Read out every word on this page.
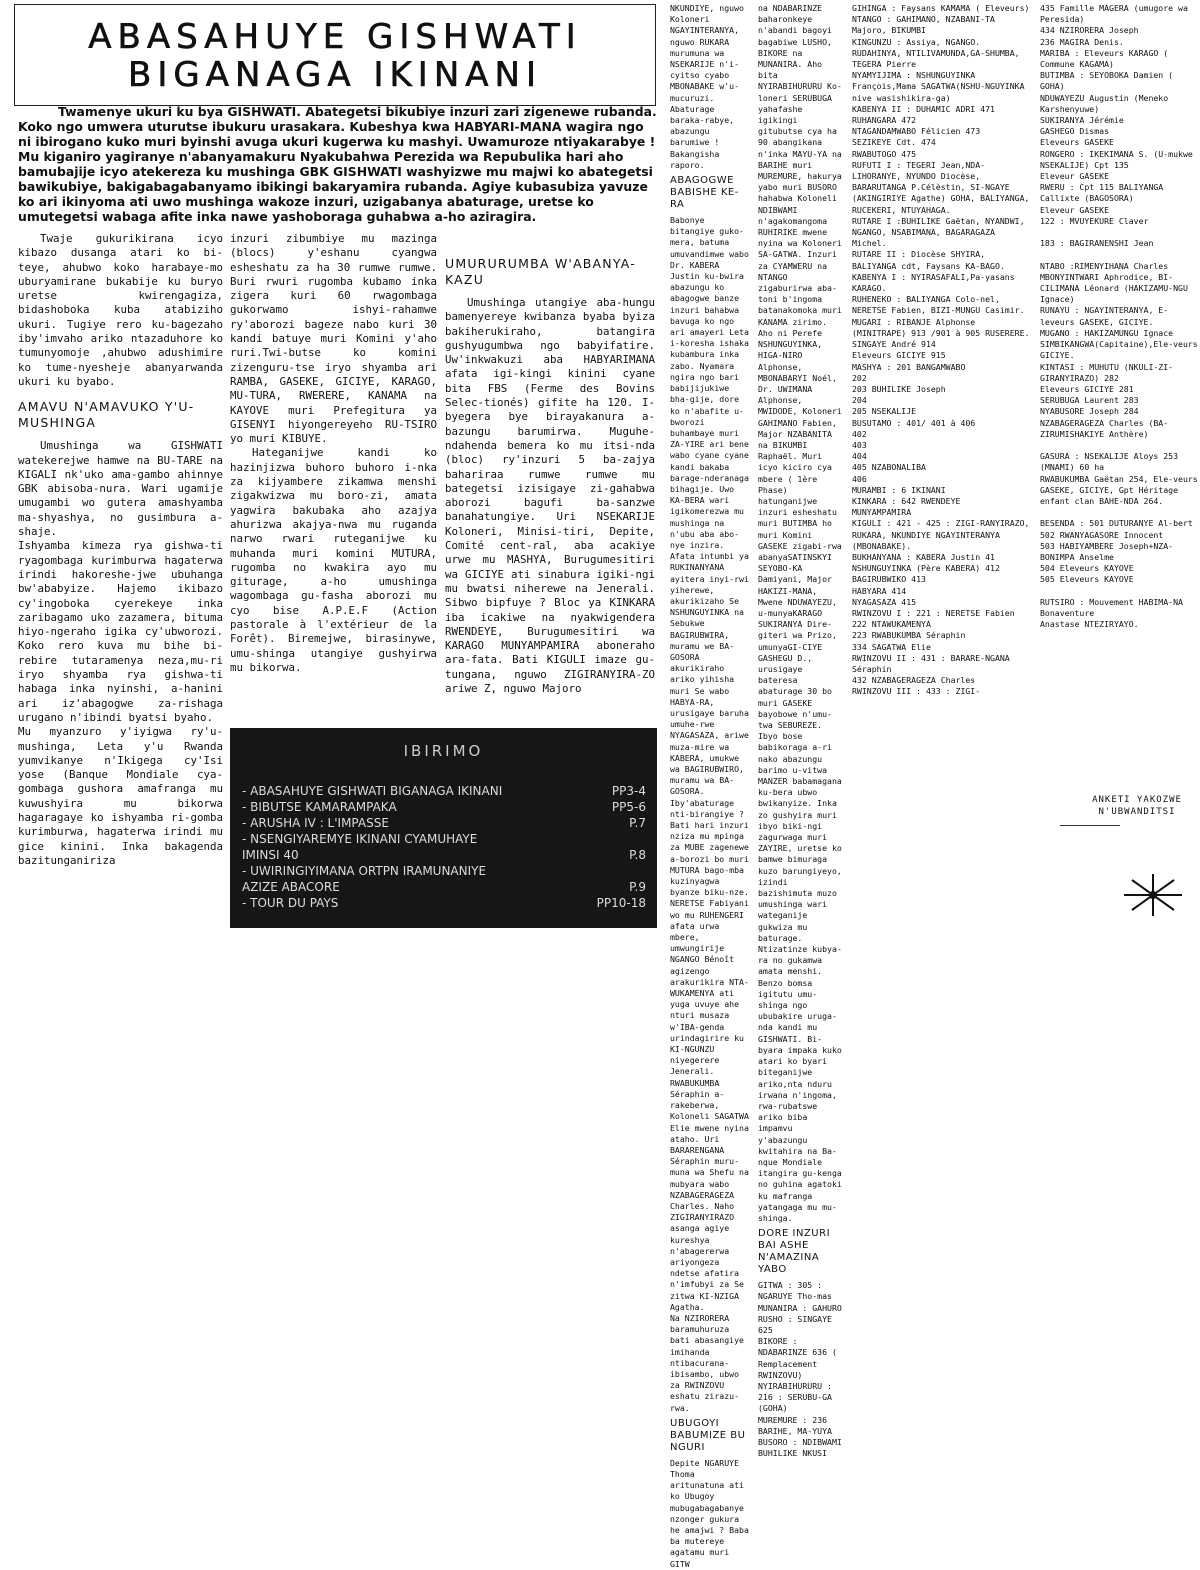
ABASAHUYE GISHWATI
BIGANAGA IKINANI

Twamenye ukuri ku bya GISHWATI. Abategetsi bikubiye inzuri zari zigenewe rubanda. Koko ngo umwera uturutse ibukuru urasakara. Kubeshya kwa HABYARI-MANA wagira ngo ni ibirogano kuko muri byinshi avuga ukuri kugerwa ku mashyi. Uwamuroze ntiyakarabye !

Mu kiganiro yagiranye n'abanyamakuru Nyakubahwa Perezida wa Repubulika hari aho bamubajije icyo atekereza ku mushinga GBK GISHWATI washyizwe mu majwi ko abategetsi bawikubiye, bakigabagabanyamo ibikingi bakaryamira rubanda. Agiye kubasubiza yavuze ko ari ikinyoma ati uwo mushinga wakoze inzuri, uzigabanya abaturage, uretse ko umutegetsi wabaga afite inka nawe yashoboraga guhabwa a-ho aziragira.

Twaje gukurikirana icyo kibazo dusanga atari ko bi-teye, ahubwo koko harabaye-mo uburyamirane bukabije ku buryo uretse kwirengagiza, bidashoboka kuba atabiziho ukuri. Tugiye rero ku-bagezaho iby'imvaho ariko ntazaduhore ko tumunyomoje ,ahubwo adushimire ko tume-nyesheje abanyarwanda ukuri ku byabo.

AMAVU N'AMAVUKO Y'U-MUSHINGA

Umushinga wa GISHWATI watekerejwe hamwe na BU-TARE na KIGALI nk'uko ama-gambo ahinnye GBK abisoba-nura. Wari ugamije umugambi wo gutera amashyamba ma-shyashya, no gusimbura a-shaje.

Ishyamba kimeza rya gishwa-ti ryagombaga kurimburwa hagaterwa irindi hakoreshe-jwe ubuhanga bw'ababyize. Hajemo ikibazo cy'ingoboka cyerekeye inka zaribagamo uko zazamera, bituma hiyo-ngeraho igika cy'ubworozi. Koko rero kuva mu bihe bi-rebire tutaramenya neza,mu-ri iryo shyamba rya gishwa-ti habaga inka nyinshi, a-hanini ari iz'abagogwe za-rishaga urugano n'ibindi byatsi byaho.

Mu myanzuro y'iyigwa ry'u-mushinga, Leta y'u Rwanda yumvikanye n'Ikigega cy'Isi yose (Banque Mondiale cya-gombaga gushora amafranga mu kuwushyira mu bikorwa hagaragaye ko ishyamba ri-gomba kurimburwa, hagaterwa irindi mu gice kinini. Inka bakagenda bazitunganiriza

inzuri zibumbiye mu mazinga (blocs) y'eshanu cyangwa esheshatu za ha 30 rumwe rumwe. Buri rwuri rugomba kubamo inka zigera kuri 60 rwagombaga gukorwamo ishyi-rahamwe ry'aborozi bageze nabo kuri 30 kandi batuye muri Komini y'aho ruri.Twi-butse ko komini zizenguru-tse iryo shyamba ari RAMBA, GASEKE, GICIYE, KARAGO, MU-TURA, RWERERE, KANAMA na KAYOVE muri Prefegitura ya GISENYI hiyongereyeho RU-TSIRO yo muri KIBUYE.

Hateganijwe kandi ko hazinjizwa buhoro buhoro i-nka za kijyambere zikamwa menshi zigakwizwa mu boro-zi, amata yagwira bakubaka aho azajya ahurizwa akajya-nwa mu ruganda narwo rwari ruteganijwe ku muhanda muri komini MUTURA, rugomba no kwakira ayo mu giturage, a-ho umushinga wagombaga gu-fasha aborozi mu cyo bise A.P.E.F (Action pastorale à l'extérieur de la Forêt). Biremejwe, birasinywe, umu-shinga utangiye gushyirwa mu bikorwa.

UMURURUMBA W'ABANYA-KAZU

Umushinga utangiye aba-hungu bamenyereye kwibanza byaba byiza bakiherukiraho, batangira gushyugumbwa ngo babyifatire. Uw'inkwakuzi aba HABYARIMANA afata igi-kingi kinini cyane bita FBS (Ferme des Bovins Selec-tionés) gifite ha 120. I-byegera bye birayakanura a-bazungu barumirwa. Muguhe-ndahenda bemera ko mu itsi-nda (bloc) ry'inzuri 5 ba-zajya bahariraa rumwe rumwe mu bategetsi izisigaye zi-gahabwa aborozi bagufi ba-sanzwe banahatungiye. Uri NSEKARIJE Koloneri, Minisi-tiri, Depite, Comité cent-ral, aba acakiye urwe mu MASHYA, Burugumesitiri wa GICIYE ati sinabura igiki-ngi mu bwatsi niherewe na Jenerali. Sibwo bipfuye ? Bloc ya KINKARA iba icakiwe na nyakwigendera RWENDEYE, Burugumesitiri wa KARAGO MUNYAMPAMIRA aboneraho ara-fata. Bati KIGULI imaze gu-tungana, nguwo ZIGIRANYIRA-ZO ariwe Z, nguwo Majoro

IBIRIMO
- ABASAHUYE GISHWATI BIGANAGA IKINANI	PP3-4
- BIBUTSE KAMARAMPAKA	PP5-6
- ARUSHA IV : L'IMPASSE	P.7
- NSENGIYAREMYE IKINANI CYAMUHAYE
IMINSI 40	P.8
- UWIRINGIYIMANA ORTPN IRAMUNANIYE
AZIZE ABACORE	P.9
- TOUR DU PAYS	PP10-18

NKUNDIYE, nguwo Koloneri NGAYINTERANYA, nguwo RUKARA murumuna wa NSEKARIJE n'i-cyitso cyabo MBONABAKE w'u-mucuruzi. Abaturage baraka-rabye, abazungu barumiwe ! Bakangisha raporo.

ABAGOGWE BABISHE KE-RA

Babonye bitangiye guko-mera, batuma umuvandimwe wabo Dr. KABERA Justin ku-bwira abazungu ko abagogwe banze inzuri bahabwa bavuga ko ngo ari amayeri Leta i-koresha ishaka kubambura inka zabo. Nyamara ngira ngo bari babijijukiwe bha-gije, dore ko n'abafite u-bworozi buhambaye muri ZA-YIRE ari bene wabo cyane cyane kandi bakaba barage-nderanaga bihagije. Uwo KA-BERA wari igikomerezwa mu mushinga na n'ubu aba abo-nye inzira. Afata intumbi ya RUKINANYANA ayitera inyi-rwi yiherewe, akurikizaho Se NSHUNGUYINKA na Sebukwe BAGIRUBWIRA, muramu we BA-GOSORA akurikiraho ariko yihisha muri Se wabo HABYA-RA, urusigaye baruha umuhe-rwe NYAGASAZA, ariwe muza-mire wa KABERA, umukwe wa BAGIRUBWIRO, muramu wa BA-GOSORA. Iby'abaturage nti-birangiye ?

Bati hari inzuri nziza mu mpinga za MUBE zagenewe a-borozi bo muri MUTURA bago-mba kuzinyagwa byanze biku-nze. NERETSE Fabiyani wo mu RUHENGERI afata urwa mbere, umwungirije NGANGO Bénoît agizengo arakurikira NTA-WUKAMENYA ati yuga uvuye ahe nturi musaza w'IBA-genda urindagirire ku KI-NGUNZU niyegerere Jenerali. RWABUKUMBA Séraphin a-rakeberwa, Koloneli SAGATWA Elie mwene nyina ataho. Uri BARARENGANA Séraphin muru-muna wa Shefu na mubyara wabo NZABAGERAGEZA Charles. Naho ZIGIRANYIRAZO asanga agiye kureshya n'abagererwa ariyongeza ndetse afatira n'imfubyi za Se zitwa KI-NZIGA Agatha.

Na NZIRORERA baramuhuruza bati abasangiye imihanda ntibacurana-ibisambo, ubwo za RWINZOVU eshatu zirazu-rwa.

UBUGOYI BABUMIZE BU NGURI

Depite NGARUYE Thoma aritunatuna ati ko Ubugoy mubugabagabanye nzonger gukura he amajwi ? Baba ba mutereye agatamu muri GITW

na NDABARINZE baharonkeye n'abandi bagoyi bagabiwe LUSHO, BIKORE na MUNANIRA. Aho bita NYIRABIHURURU Ko-loneri SERUBUGA yahafashe igikingi gitubutse cya ha 90 abangikana n'inka MAYU-YA na BARIHE muri MUREMURE, hakurya yabo muri BUSORO hahabwa Koloneli NDIBWAMI n'agakomangoma RUHIRIKE mwene nyina wa Koloneri SA-GATWA. Inzuri za CYAMWERU na NTANGO zigaburirwa aba-toni b'ingoma batanakomoka muri KANAMA zirimo. Aho ni Perefe NSHUNGUYINKA, HIGA-NIRO Alphonse, MBONABARYI Noél, Dr. UWIMANA Alphonse, MWIDODE, Koloneri GAHIMANO Fabien, Major NZABANITA na BIKUMBI Raphaël. Muri icyo kiciro cya mbere ( 1ère Phase) hatunganijwe inzuri esheshatu muri BUTIMBA ho muri Komini GASEKE zigabi-rwa abanyaSATINSKYI SEYOBO-KA Damiyani, Major HAKIZI-MANA, Mwene NDUWAYEZU, u-munyaKARAGO SUKIRANYA Dire-giteri wa Prizo, umunyaGI-CIYE GASHEGU D., urusigaye bateresa abaturage 30 bo muri GASEKE bayobowe n'umu-twa SEBUREZE.

Ibyo bose babikoraga a-ri nako abazungu barimo u-vitwa MANZER babamagana ku-bera ubwo bwikanyize. Inka zo gushyira muri ibyo biki-ngi zagurwaga muri ZAYIRE, uretse ko bamwe bimuraga kuzo barungiyeyo, izindi bazishimuta muzo umushinga wari wateganije gukwiza mu baturage. Ntizatinze kubya-ra no gukamwa amata menshi. Benzo bomsa igitutu umu-shinga ngo ububakire uruga-nda kandi mu GISHWATI. Bi-byara impaka kuko atari ko byari biteganijwe ariko,nta nduru irwana n'ingoma, rwa-rubatswe ariko biba impamvu y'abazungu kwitahira na Ba-nque Mondiale itangira gu-kenga no guhina agatoki ku mafranga yatangaga mu mu-shinga.

DORE INZURI BAI ASHE N'AMAZINA YABO

GITWA : 305 : NGARUYE Tho-mas

MUNANIRA : GAHURO

RUSHO : SINGAYE 625

BIKORE : NDABARINZE 636 ( Remplacement RWINZOVU)

NYIRABIHURURU : 216 : SERUBU-GA (GOHA)

MUREMURE : 236 BARIHE, MA-YUYA

BUSORO : NDIBWAMI BUHILIKE NKUSI

GIHINGA : Faysans KAMAMA ( Eleveurs)

NTANGO : GAHIMANO, NZABANI-TA Majoro, BIKUMBI

KINGUNZU : Assiya, NGANGO. RUDAHINYA, NTILIVAMUNDA,GA-SHUMBA, TEGERA Pierre

NYAMYIJIMA : NSHUNGUYINKA François,Mama SAGATWA(NSHU-NGUYINKA nive wasishikira-ga)

KABENYA II : DUHAMIC ADRI 471

RUHANGARA 472

NTAGANDAMWABO Félicien 473

SEZIKEYE Cdt. 474

RWABUTOGO 475

RUFUTI I : TEGERI Jean,NDA-LIHORANYE, NYUNDO Diocèse, BARARUTANGA P.Célèstin, SI-NGAYE (AKINGIRIYE Agathe) GOHA, BALIYANGA, RUCEKERI, NTUYAHAGA.

RUTARE I :BUHILIKE Gaëtan, NYANDWI, NGANGO, NSABIMANA, BAGARAGAZA Michel.

RUTARE II : Diocèse SHYIRA, BALIYANGA cdt, Faysans KA-BAGO.

KABENYA I : NYIRASAFALI,Pa-yasans KARAGO.

RUHENEKO : BALIYANGA Colo-nel, NERETSE Fabien, BIZI-MUNGU Casimir.

MUGARI : RIBANJE Alphonse (MINITRAPE) 913 /901 à 905 RUSERERE.

SINGAYE André 914

Eleveurs GICIYE 915

MASHYA : 201 BANGAMWABO

202

203 BUHILIKE Joseph

204

205 NSEKALIJE

BUSUTAMO : 401/ 401 à 406

402

403

404

405 NZABONALIBA

406

MURAMBI : 6 IKINANI

KINKARA : 642 RWENDEYE

MUNYAMPAMIRA

KIGULI : 421 - 425 : ZIGI-RANYIRAZO, RUKARA, NKUNDIYE NGAYINTERANYA (MBONABAKE).

BUKHANYANA : KABERA Justin 41

NSHUNGUYINKA (Père KABERA) 412

BAGIRUBWIKO 413

HABYARA 414

NYAGASAZA 415

RWINZOVU I : 221 : NERETSE Fabien

222 NTAWUKAMENYA

223 RWABUKUMBA Séraphin

334 SAGATWA Elie

RWINZOVU II : 431 : BARARE-NGANA Séraphin

432 NZABAGERAGEZA Charles

RWINZOVU III : 433 : ZIGI-

435 Famille MAGERA (umugore wa Peresida)

434 NZIRORERA Joseph

236 MAGIRA Denis.

MARIBA : Eleveurs KARAGO ( Commune KAGAMA)

BUTIMBA : SEYOBOKA Damien ( GOHA)

NDUWAYEZU Augustin (Meneko Karshenyuwe)

SUKIRANYA Jérémie

GASHEGO Dismas

Eleveurs GASEKE

RONGERO : IKEKIMANA S. (U-mukwe NSEKALIJE) Cpt 135

Eleveur GASEKE

RWERU : Cpt 115 BALIYANGA Callixte (BAGOSORA)

Eleveur GASEKE

122 : MVUYEKURE Claver

183 : BAGIRANENSHI Jean

NTABO :RIMENYIHANA Charles MBONYINTWARI Aphrodice, BI-CILIMANA Léonard (HAKIZAMU-NGU Ignace)

RUNAYU : NGAYINTERANYA, E-leveurs GASEKE, GICIYE.

MUGANO : HAKIZAMUNGU Ignace SIMBIKANGWA(Capitaine),Ele-veurs GICIYE.

KINTASI : MUHUTU (NKULI-ZI-GIRANYIRAZO) 282

Eleveurs GICIYE 281

SERUBUGA Laurent 283

NYABUSORE Joseph 284

NZABAGERAGEZA Charles (BA-ZIRUMISHAKIYE Anthère)

GASURA : NSEKALIJE Aloys 253 (MNAMI) 60 ha

RWABUKUMBA Gaëtan 254, Ele-veurs GASEKE, GICIYE, Gpt Héritage enfant clan BAHE-NDA 264.

BESENDA : 501 DUTURANYE Al-bert

502 RWANYAGASORE Innocent

503 HABIYAMBERE Joseph+NZA-BONIMPA Anselme

504 Eleveurs KAYOVE

505 Eleveurs KAYOVE

RUTSIRO : Mouvement HABIMA-NA Bonaventure

Anastase NTEZIRYAYO.

ANKETI YAKOZWE N'UBWANDITSI
